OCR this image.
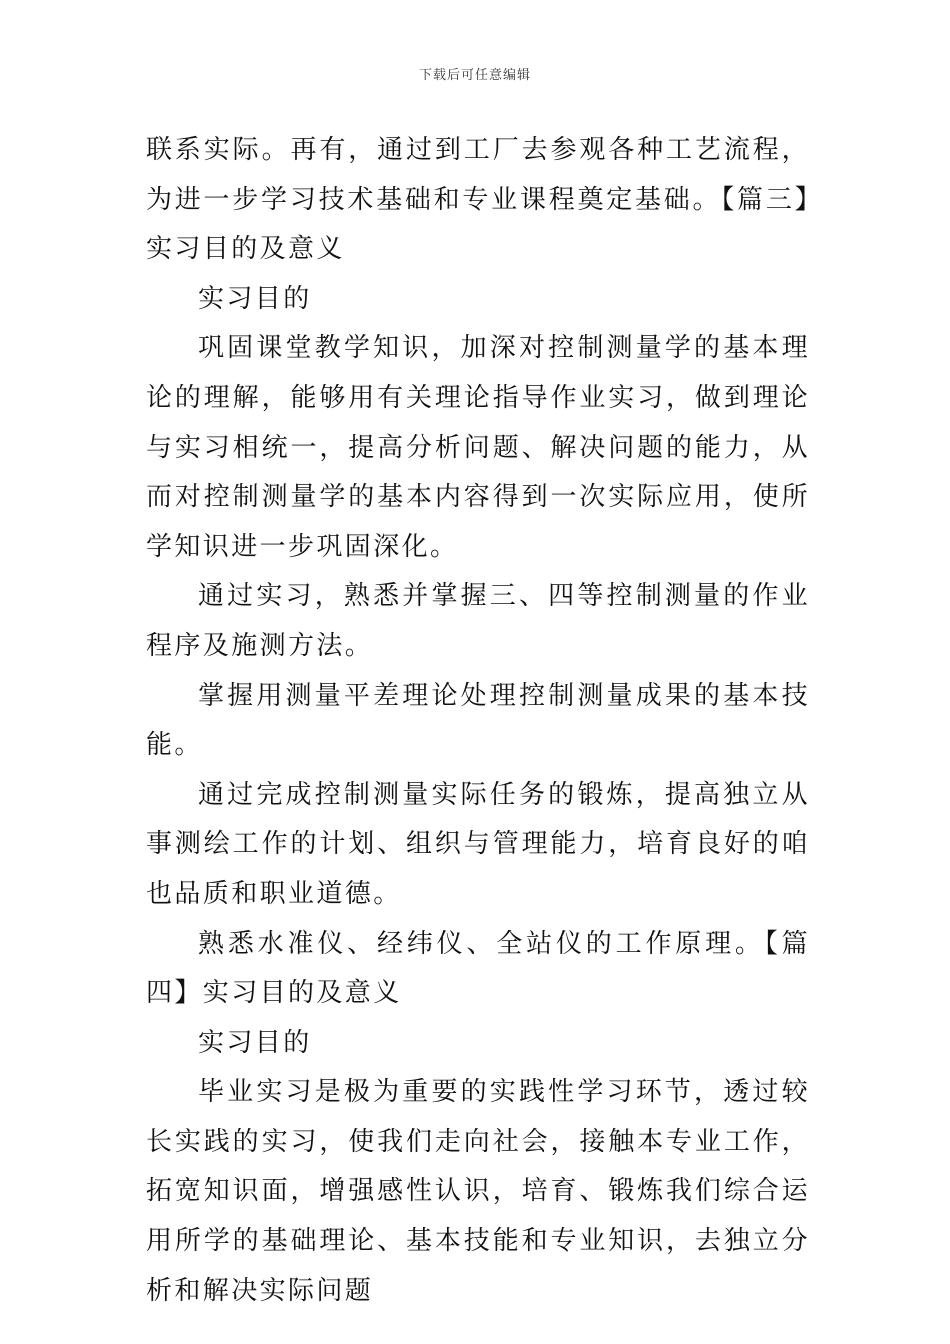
下载后可任意编辑

联系实际。再有，通过到工厂去参观各种工艺流程，为进一步学习技术基础和专业课程奠定基础。【篇三】实习目的及意义

实习目的

巩固课堂教学知识，加深对控制测量学的基本理论的理解，能够用有关理论指导作业实习，做到理论与实习相统一，提高分析问题、解决问题的能力，从而对控制测量学的基本内容得到一次实际应用，使所学知识进一步巩固深化。

通过实习，熟悉并掌握三、四等控制测量的作业程序及施测方法。

掌握用测量平差理论处理控制测量成果的基本技能。

通过完成控制测量实际任务的锻炼，提高独立从事测绘工作的计划、组织与管理能力，培育良好的咱也品质和职业道德。

熟悉水准仪、经纬仪、全站仪的工作原理。【篇四】实习目的及意义

实习目的

毕业实习是极为重要的实践性学习环节，透过较长实践的实习，使我们走向社会，接触本专业工作，拓宽知识面，增强感性认识，培育、锻炼我们综合运用所学的基础理论、基本技能和专业知识，去独立分析和解决实际问题
